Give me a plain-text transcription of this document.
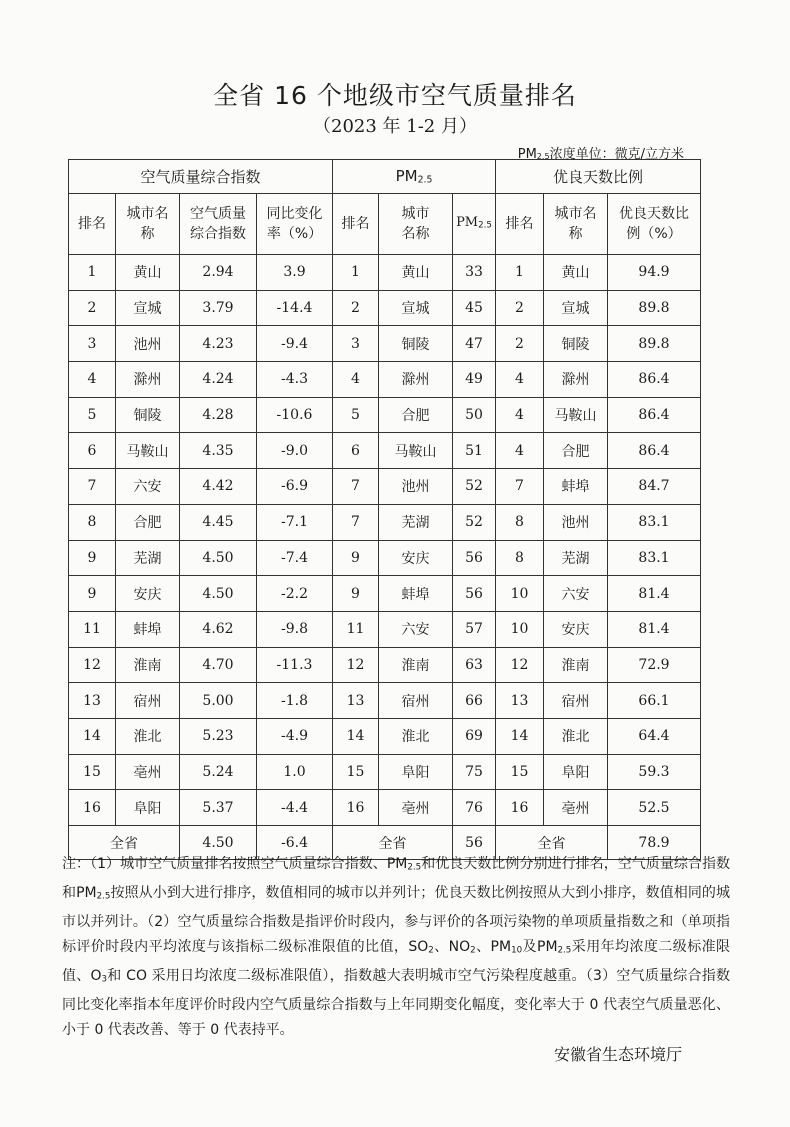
全省 16 个地级市空气质量排名
（2023 年 1-2 月）
$PM_{2.5}$浓度单位：微克/立方米
空气质量综合指数				$PM_{2.5}$			优良天数比例		
排名	城市名称	空气质量综合指数	同比变化率（%）	排名	城市名称	$PM_{2.5}$	排名	城市名称	优良天数比例（%）
1	黄山	2.94	3.9	1	黄山	33	1	黄山	94.9
2	宣城	3.79	-14.4	2	宣城	45	2	宣城	89.8
3	池州	4.23	-9.4	3	铜陵	47	2	铜陵	89.8
4	滁州	4.24	-4.3	4	滁州	49	4	滁州	86.4
5	铜陵	4.28	-10.6	5	合肥	50	4	马鞍山	86.4
6	马鞍山	4.35	-9.0	6	马鞍山	51	4	合肥	86.4
7	六安	4.42	-6.9	7	池州	52	7	蚌埠	84.7
8	合肥	4.45	-7.1	7	芜湖	52	8	池州	83.1
9	芜湖	4.50	-7.4	9	安庆	56	8	芜湖	83.1
9	安庆	4.50	-2.2	9	蚌埠	56	10	六安	81.4
11	蚌埠	4.62	-9.8	11	六安	57	10	安庆	81.4
12	淮南	4.70	-11.3	12	淮南	63	12	淮南	72.9
13	宿州	5.00	-1.8	13	宿州	66	13	宿州	66.1
14	淮北	5.23	-4.9	14	淮北	69	14	淮北	64.4
15	亳州	5.24	1.0	15	阜阳	75	15	阜阳	59.3
16	阜阳	5.37	-4.4	16	亳州	76	16	亳州	52.5
全省		4.50	-6.4	全省		56	全省		78.9
注：（1）城市空气质量排名按照空气质量综合指数、$PM_{2.5}$和优良天数比例分别进行排名，空气质量综合指数和$PM_{2.5}$按照从小到大进行排序，数值相同的城市以并列计；优良天数比例按照从大到小排序，数值相同的城市以并列计。（2）空气质量综合指数是指评价时段内，参与评价的各项污染物的单项质量指数之和（单项指标评价时段内平均浓度与该指标二级标准限值的比值，$SO_2$、$NO_2$、$PM_{10}$及$PM_{2.5}$采用年均浓度二级标准限值、$O_3$和 CO 采用日均浓度二级标准限值），指数越大表明城市空气污染程度越重。（3）空气质量综合指数同比变化率指本年度评价时段内空气质量综合指数与上年同期变化幅度，变化率大于 0 代表空气质量恶化、小于 0 代表改善、等于 0 代表持平。
安徽省生态环境厅
